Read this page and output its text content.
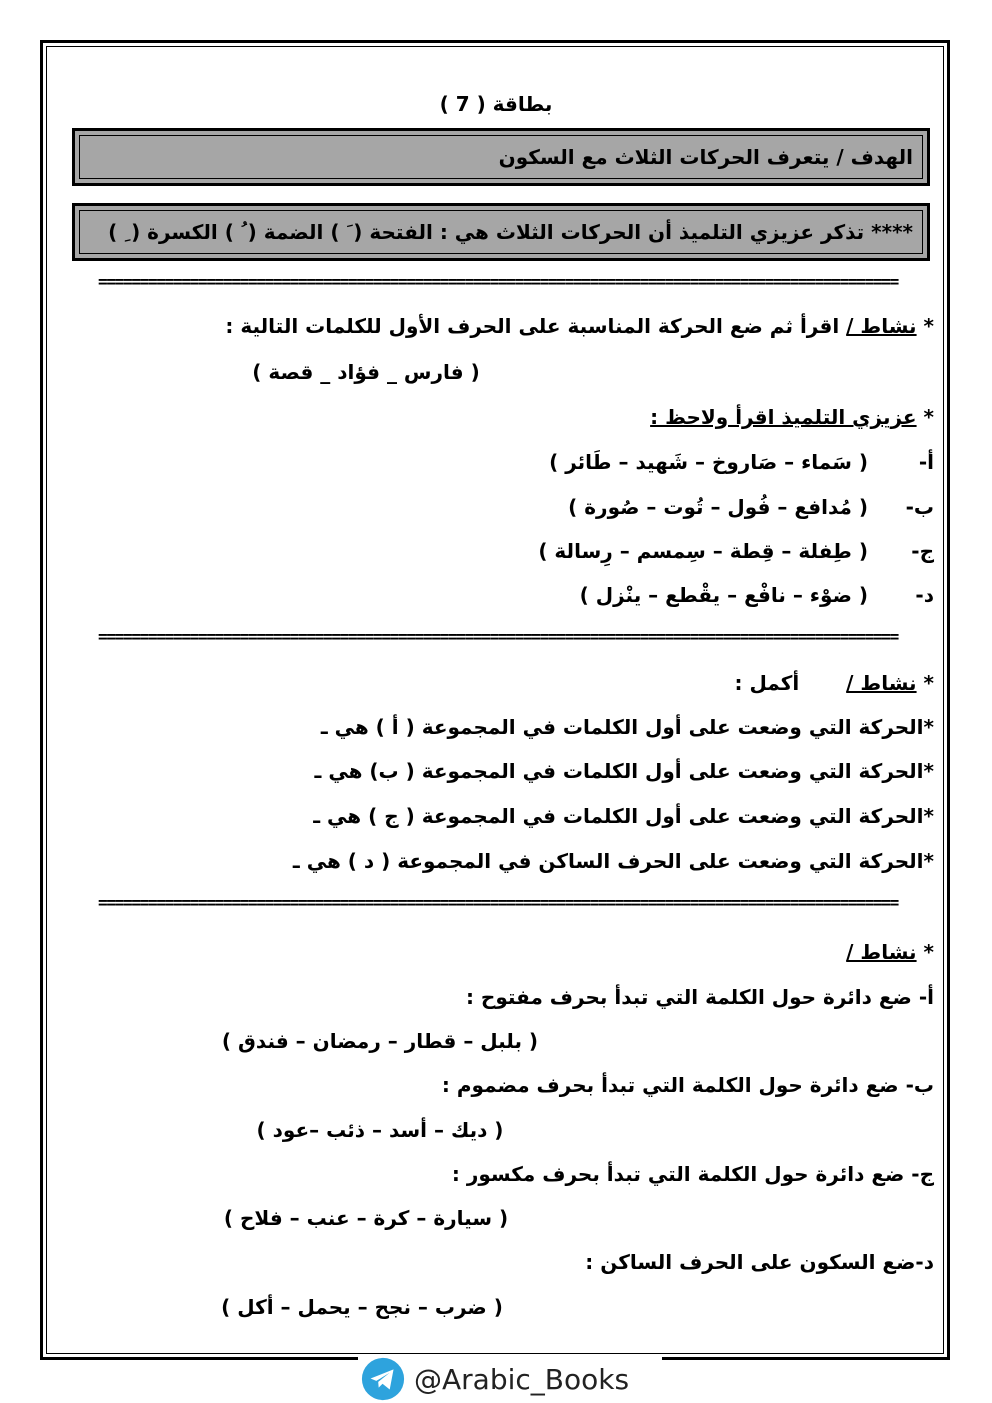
بطاقة ( 7 )
الهدف / يتعرف الحركات الثلاث مع السكون
**** تذكر عزيزي التلميذ أن الحركات الثلاث هي : الفتحة ( َ ) الضمة ( ُ ) الكسرة ( ِ )
================================================================================================
* نشاط / اقرأ ثم ضع الحركة المناسبة على الحرف الأول للكلمات التالية :
( فارس _ فؤاد _ قصة )
* عزيزي التلميذ اقرأ ولاحظ :
أ-( سَماء – صَاروخ – شَهيد – طَائر )
ب-( مُدافع – فُول – تُوت – صُورة )
ج-( طِفلة – قِطة – سِمسم – رِسالة )
د-( ضوْء – نافْع – يقْطع – ينْزل )
================================================================================================
* نشاط / أكمل :
*الحركة التي وضعت على أول الكلمات في المجموعة ( أ ) هي ـ
*الحركة التي وضعت على أول الكلمات في المجموعة ( ب) هي ـ
*الحركة التي وضعت على أول الكلمات في المجموعة ( ج ) هي ـ
*الحركة التي وضعت على الحرف الساكن في المجموعة ( د ) هي ـ
================================================================================================
* نشاط /
أ- ضع دائرة حول الكلمة التي تبدأ بحرف مفتوح :
( بلبل – قطار – رمضان – فندق )
ب- ضع دائرة حول الكلمة التي تبدأ بحرف مضموم :
( ديك – أسد – ذئب –عود )
ج- ضع دائرة حول الكلمة التي تبدأ بحرف مكسور :
( سيارة – كرة – عنب – فلاح )
د-ضع السكون على الحرف الساكن :
( ضرب – نجح – يحمل – أكل )
@Arabic_Books
